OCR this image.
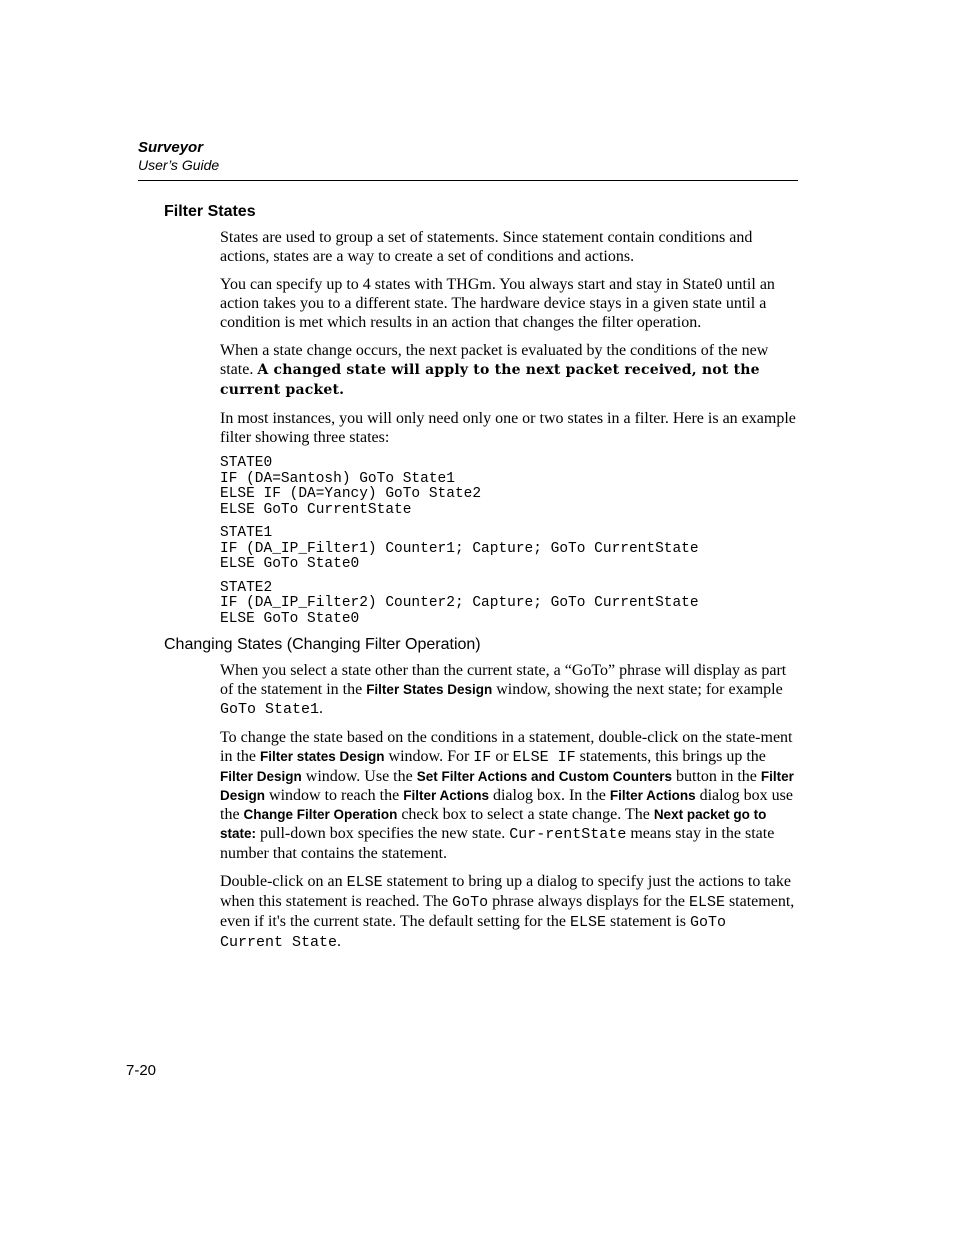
Surveyor
User’s Guide
Filter States

States are used to group a set of statements. Since statement contain conditions and actions, states are a way to create a set of conditions and actions.

You can specify up to 4 states with THGm. You always start and stay in State0 until an action takes you to a different state. The hardware device stays in a given state until a condition is met which results in an action that changes the filter operation.

When a state change occurs, the next packet is evaluated by the conditions of the new state. A changed state will apply to the next packet received, not the current packet.

In most instances, you will only need only one or two states in a filter. Here is an example filter showing three states:

STATE0
IF (DA=Santosh) GoTo State1
ELSE IF (DA=Yancy) GoTo State2
ELSE GoTo CurrentState
STATE1
IF (DA_IP_Filter1) Counter1; Capture; GoTo CurrentState
ELSE GoTo State0
STATE2
IF (DA_IP_Filter2) Counter2; Capture; GoTo CurrentState
ELSE GoTo State0
Changing States (Changing Filter Operation)

When you select a state other than the current state, a “GoTo” phrase will display as part of the statement in the Filter States Design window, showing the next state; for example GoTo State1.

To change the state based on the conditions in a statement, double-click on the state-ment in the Filter states Design window. For IF or ELSE IF statements, this brings up the Filter Design window. Use the Set Filter Actions and Custom Counters button in the Filter Design window to reach the Filter Actions dialog box. In the Filter Actions dialog box use the Change Filter Operation check box to select a state change. The Next packet go to state: pull-down box specifies the new state. Cur-rentState means stay in the state number that contains the statement.

Double-click on an ELSE statement to bring up a dialog to specify just the actions to take when this statement is reached. The GoTo phrase always displays for the ELSE statement, even if it's the current state. The default setting for the ELSE statement is GoTo Current State.

7-20
